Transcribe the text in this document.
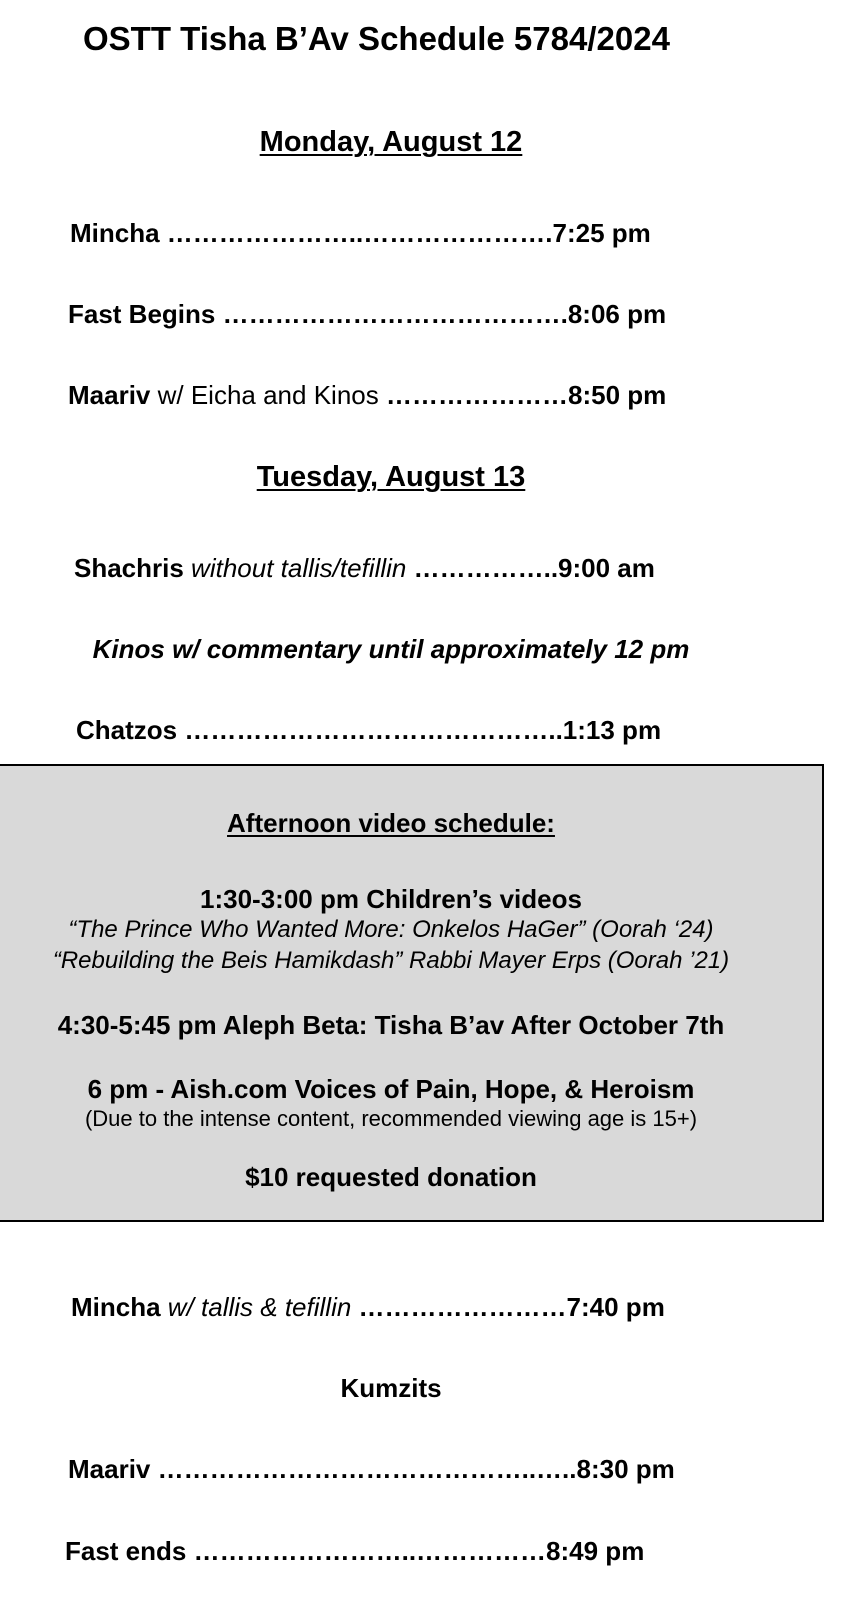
OSTT Tisha B’Av Schedule 5784/2024
Monday, August 12
Mincha …………………..………………….7:25 pm
Fast Begins ………………………………….8:06 pm
Maariv w/ Eicha and Kinos …………………8:50 pm
Tuesday, August 13
Shachris without tallis/tefillin ……………..9:00 am
Kinos w/ commentary until approximately 12 pm
Chatzos ……………………………………..1:13 pm
Afternoon video schedule:
1:30-3:00 pm Children’s videos
“The Prince Who Wanted More: Onkelos HaGer” (Oorah ‘24)
“Rebuilding the Beis Hamikdash” Rabbi Mayer Erps (Oorah ’21)
4:30-5:45 pm Aleph Beta: Tisha B’av After October 7th
6 pm - Aish.com Voices of Pain, Hope, & Heroism
(Due to the intense content, recommended viewing age is 15+)
$10 requested donation
Mincha w/ tallis & tefillin ……………………7:40 pm
Kumzits
Maariv ……………………………………..…..8:30 pm
Fast ends ……………………..……………8:49 pm
